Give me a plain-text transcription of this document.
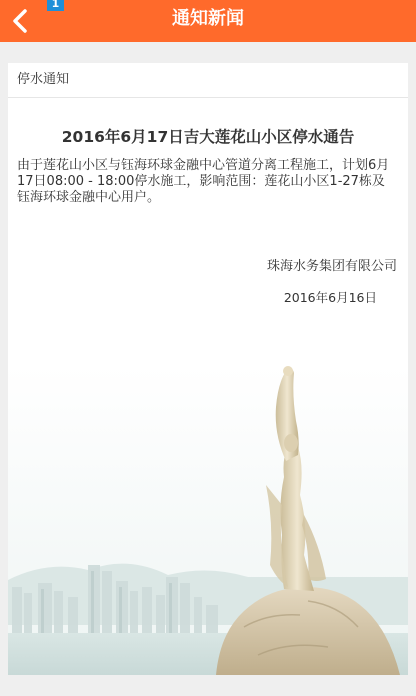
1
通知新闻
停水通知
2016年6月17日吉大莲花山小区停水通告
由于莲花山小区与钰海环球金融中心管道分离工程施工，计划6月17日08:00 - 18:00停水施工，影响范围：莲花山小区1-27栋及钰海环球金融中心用户。
珠海水务集团有限公司
2016年6月16日
